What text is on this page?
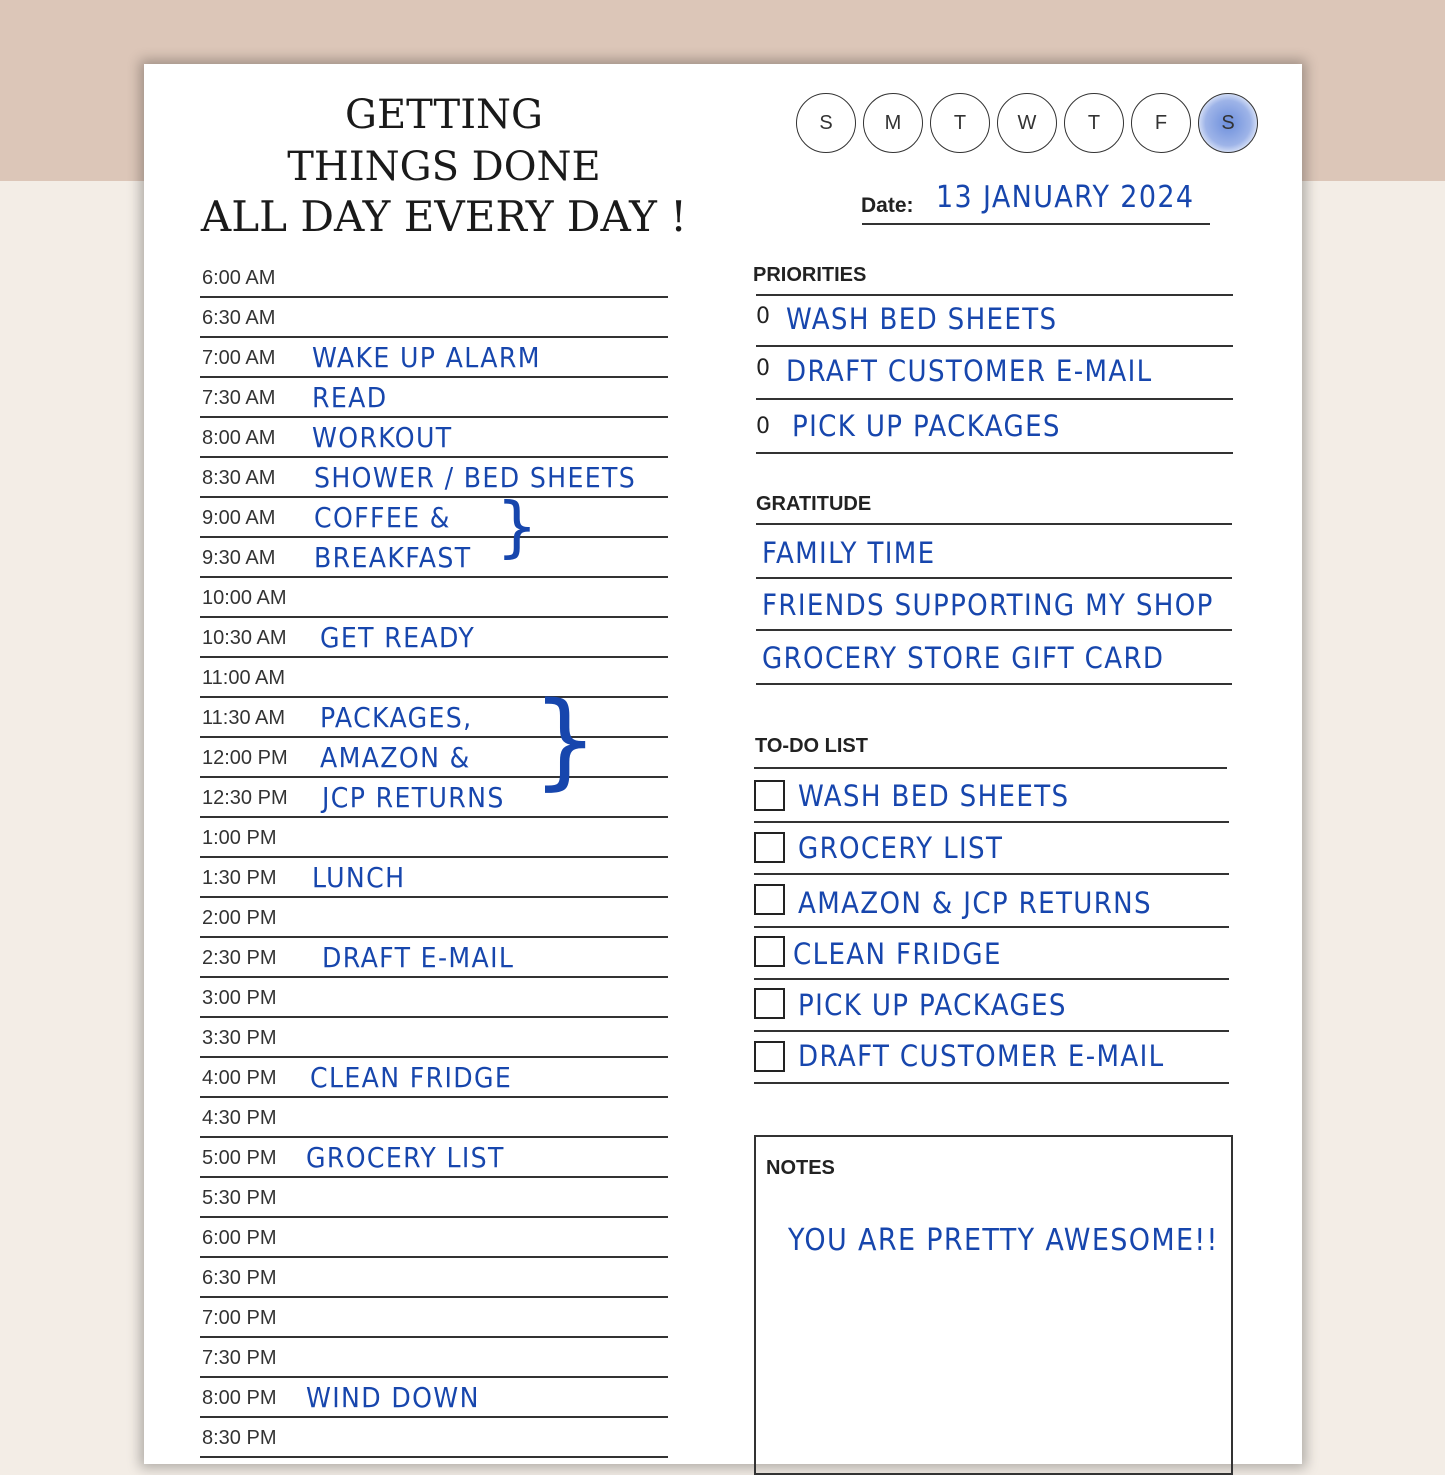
GETTING
THINGS DONE
ALL DAY EVERY DAY !
S	M	T	W	T	F	S
Date: 13 JANUARY 2024
6:00 AM
6:30 AM
7:00 AM WAKE UP ALARM
7:30 AM READ
8:00 AM WORKOUT
8:30 AM SHOWER / BED SHEETS
9:00 AM COFFEE &
9:30 AM BREAKFAST
10:00 AM
10:30 AM GET READY
11:00 AM
11:30 AM PACKAGES,
12:00 PM AMAZON &
12:30 PM JCP RETURNS
1:00 PM
1:30 PM LUNCH
2:00 PM
2:30 PM DRAFT E-MAIL
3:00 PM
3:30 PM
4:00 PM CLEAN FRIDGE
4:30 PM
5:00 PM GROCERY LIST
5:30 PM
6:00 PM
6:30 PM
7:00 PM
7:30 PM
8:00 PM WIND DOWN
8:30 PM
}
}
PRIORITIES
0 WASH BED SHEETS
0 DRAFT CUSTOMER E-MAIL
0 PICK UP PACKAGES
GRATITUDE
FAMILY TIME
FRIENDS SUPPORTING MY SHOP
GROCERY STORE GIFT CARD
TO-DO LIST
WASH BED SHEETS
GROCERY LIST
AMAZON & JCP RETURNS
CLEAN FRIDGE
PICK UP PACKAGES
DRAFT CUSTOMER E-MAIL
NOTES
YOU ARE PRETTY AWESOME!!
